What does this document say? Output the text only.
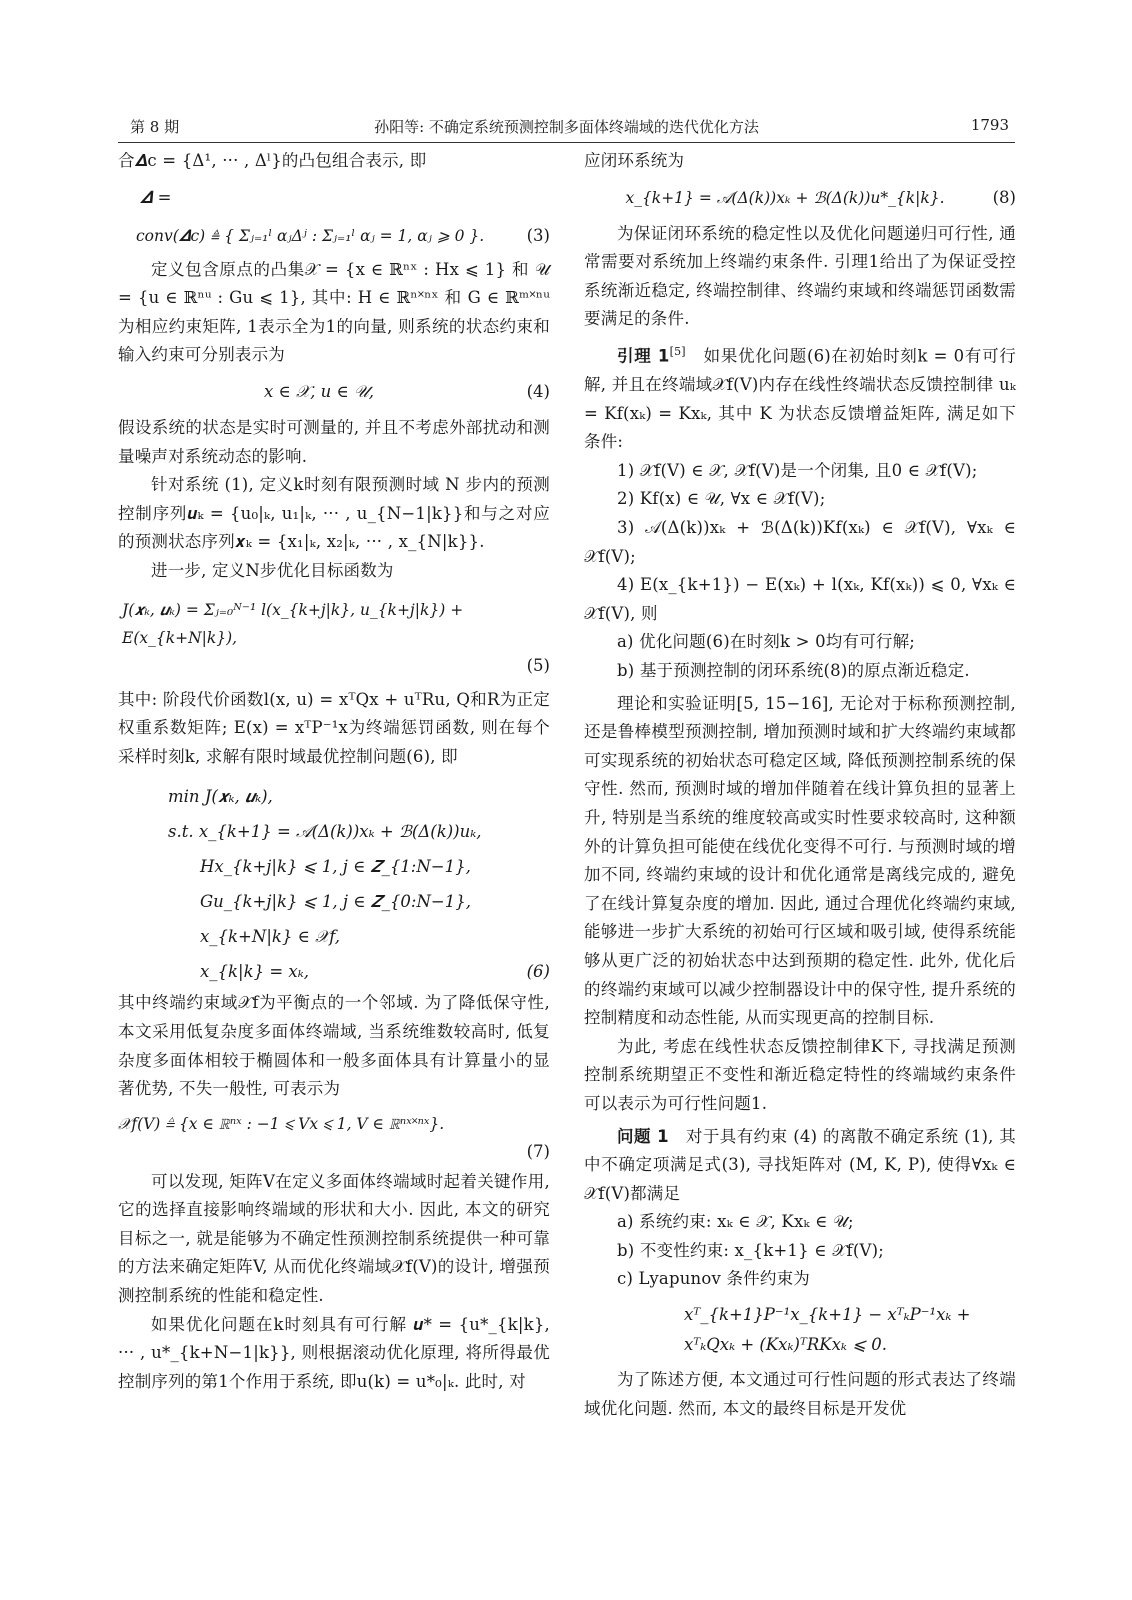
第 8 期	孙阳等: 不确定系统预测控制多面体终端域的迭代优化方法	1793

合𝜟c = {Δ¹, ··· , Δˡ}的凸包组合表示, 即

𝜟 =
conv(𝜟c) ≜ { Σⱼ₌₁ˡ αⱼΔʲ : Σⱼ₌₁ˡ αⱼ = 1, αⱼ ⩾ 0 }.	(3)

定义包含原点的凸集𝒳 = {x ∈ ℝⁿˣ : Hx ⩽ 1} 和 𝒰 = {u ∈ ℝⁿᵘ : Gu ⩽ 1}, 其中: H ∈ ℝⁿ˟ⁿˣ 和 G ∈ ℝᵐ˟ⁿᵘ为相应约束矩阵, 1表示全为1的向量, 则系统的状态约束和输入约束可分别表示为

x ∈ 𝒳, u ∈ 𝒰,	(4)

假设系统的状态是实时可测量的, 并且不考虑外部扰动和测量噪声对系统动态的影响.

针对系统 (1), 定义k时刻有限预测时域 N 步内的预测控制序列𝒖ₖ = {u₀|ₖ, u₁|ₖ, ··· , u_{N−1|k}}和与之对应的预测状态序列𝒙ₖ = {x₁|ₖ, x₂|ₖ, ··· , x_{N|k}}.

进一步, 定义N步优化目标函数为

J(𝒙ₖ, 𝒖ₖ) = Σⱼ₌₀ᴺ⁻¹ l(x_{k+j|k}, u_{k+j|k}) + E(x_{k+N|k}),
(5)

其中: 阶段代价函数l(x, u) = xᵀQx + uᵀRu, Q和R为正定权重系数矩阵; E(x) = xᵀP⁻¹x为终端惩罚函数, 则在每个采样时刻k, 求解有限时域最优控制问题(6), 即

min J(𝒙ₖ, 𝒖ₖ),
s.t. x_{k+1} = 𝒜(Δ(k))xₖ + ℬ(Δ(k))uₖ,
Hx_{k+j|k} ⩽ 1, j ∈ 𝒁_{1:N−1},
Gu_{k+j|k} ⩽ 1, j ∈ 𝒁_{0:N−1},
x_{k+N|k} ∈ 𝒳f,
x_{k|k} = xₖ,	(6)

其中终端约束域𝒳f为平衡点的一个邻域. 为了降低保守性, 本文采用低复杂度多面体终端域, 当系统维数较高时, 低复杂度多面体相较于椭圆体和一般多面体具有计算量小的显著优势, 不失一般性, 可表示为

𝒳f(V) ≜ {x ∈ ℝⁿˣ : −1 ⩽ Vx ⩽ 1, V ∈ ℝⁿˣ˟ⁿˣ}.
(7)

可以发现, 矩阵V在定义多面体终端域时起着关键作用, 它的选择直接影响终端域的形状和大小. 因此, 本文的研究目标之一, 就是能够为不确定性预测控制系统提供一种可靠的方法来确定矩阵V, 从而优化终端域𝒳f(V)的设计, 增强预测控制系统的性能和稳定性.

如果优化问题在k时刻具有可行解 𝒖* = {u*_{k|k}, ··· , u*_{k+N−1|k}}, 则根据滚动优化原理, 将所得最优控制序列的第1个作用于系统, 即u(k) = u*₀|ₖ. 此时, 对

应闭环系统为

x_{k+1} = 𝒜(Δ(k))xₖ + ℬ(Δ(k))u*_{k|k}.	(8)

为保证闭环系统的稳定性以及优化问题递归可行性, 通常需要对系统加上终端约束条件. 引理1给出了为保证受控系统渐近稳定, 终端控制律、终端约束域和终端惩罚函数需要满足的条件.

引理 1[5] 如果优化问题(6)在初始时刻k = 0有可行解, 并且在终端域𝒳f(V)内存在线性终端状态反馈控制律 uₖ = Kf(xₖ) = Kxₖ, 其中 K 为状态反馈增益矩阵, 满足如下条件:

1) 𝒳f(V) ∈ 𝒳, 𝒳f(V)是一个闭集, 且0 ∈ 𝒳f(V);

2) Kf(x) ∈ 𝒰, ∀x ∈ 𝒳f(V);

3) 𝒜(Δ(k))xₖ + ℬ(Δ(k))Kf(xₖ) ∈ 𝒳f(V), ∀xₖ ∈ 𝒳f(V);

4) E(x_{k+1}) − E(xₖ) + l(xₖ, Kf(xₖ)) ⩽ 0, ∀xₖ ∈ 𝒳f(V), 则

a) 优化问题(6)在时刻k > 0均有可行解;

b) 基于预测控制的闭环系统(8)的原点渐近稳定.

理论和实验证明[5, 15−16], 无论对于标称预测控制, 还是鲁棒模型预测控制, 增加预测时域和扩大终端约束域都可实现系统的初始状态可稳定区域, 降低预测控制系统的保守性. 然而, 预测时域的增加伴随着在线计算负担的显著上升, 特别是当系统的维度较高或实时性要求较高时, 这种额外的计算负担可能使在线优化变得不可行. 与预测时域的增加不同, 终端约束域的设计和优化通常是离线完成的, 避免了在线计算复杂度的增加. 因此, 通过合理优化终端约束域, 能够进一步扩大系统的初始可行区域和吸引域, 使得系统能够从更广泛的初始状态中达到预期的稳定性. 此外, 优化后的终端约束域可以减少控制器设计中的保守性, 提升系统的控制精度和动态性能, 从而实现更高的控制目标.

为此, 考虑在线性状态反馈控制律K下, 寻找满足预测控制系统期望正不变性和渐近稳定特性的终端域约束条件可以表示为可行性问题1.

问题 1 对于具有约束 (4) 的离散不确定系统 (1), 其中不确定项满足式(3), 寻找矩阵对 (M, K, P), 使得∀xₖ ∈ 𝒳f(V)都满足

a) 系统约束: xₖ ∈ 𝒳, Kxₖ ∈ 𝒰;

b) 不变性约束: x_{k+1} ∈ 𝒳f(V);

c) Lyapunov 条件约束为

xᵀ_{k+1}P⁻¹x_{k+1} − xᵀₖP⁻¹xₖ +
xᵀₖQxₖ + (Kxₖ)ᵀRKxₖ ⩽ 0.

为了陈述方便, 本文通过可行性问题的形式表达了终端域优化问题. 然而, 本文的最终目标是开发优
